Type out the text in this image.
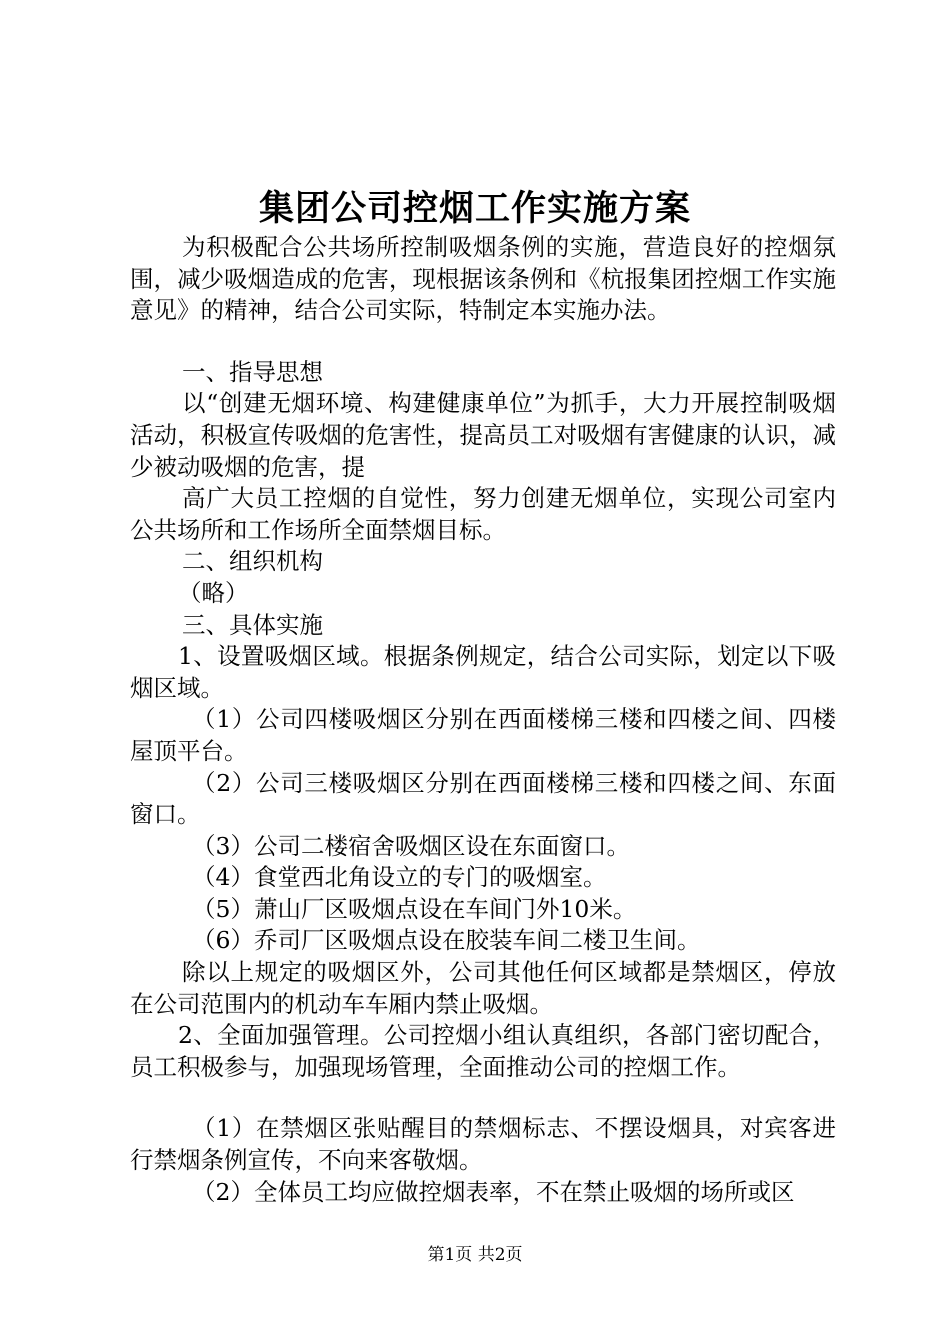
集团公司控烟工作实施方案

为积极配合公共场所控制吸烟条例的实施，营造良好的控烟氛围，减少吸烟造成的危害，现根据该条例和《杭报集团控烟工作实施意见》的精神，结合公司实际，特制定本实施办法。

一、指导思想

以“创建无烟环境、构建健康单位”为抓手，大力开展控制吸烟活动，积极宣传吸烟的危害性，提高员工对吸烟有害健康的认识，减少被动吸烟的危害，提

高广大员工控烟的自觉性，努力创建无烟单位，实现公司室内公共场所和工作场所全面禁烟目标。

二、组织机构

（略）

三、具体实施

1、设置吸烟区域。根据条例规定，结合公司实际，划定以下吸烟区域。

（1）公司四楼吸烟区分别在西面楼梯三楼和四楼之间、四楼屋顶平台。

（2）公司三楼吸烟区分别在西面楼梯三楼和四楼之间、东面窗口。

（3）公司二楼宿舍吸烟区设在东面窗口。

（4）食堂西北角设立的专门的吸烟室。

（5）萧山厂区吸烟点设在车间门外10米。

（6）乔司厂区吸烟点设在胶装车间二楼卫生间。

除以上规定的吸烟区外，公司其他任何区域都是禁烟区，停放在公司范围内的机动车车厢内禁止吸烟。

2、全面加强管理。公司控烟小组认真组织，各部门密切配合，员工积极参与，加强现场管理，全面推动公司的控烟工作。

（1）在禁烟区张贴醒目的禁烟标志、不摆设烟具，对宾客进行禁烟条例宣传，不向来客敬烟。

（2）全体员工均应做控烟表率，不在禁止吸烟的场所或区

第1页 共2页
